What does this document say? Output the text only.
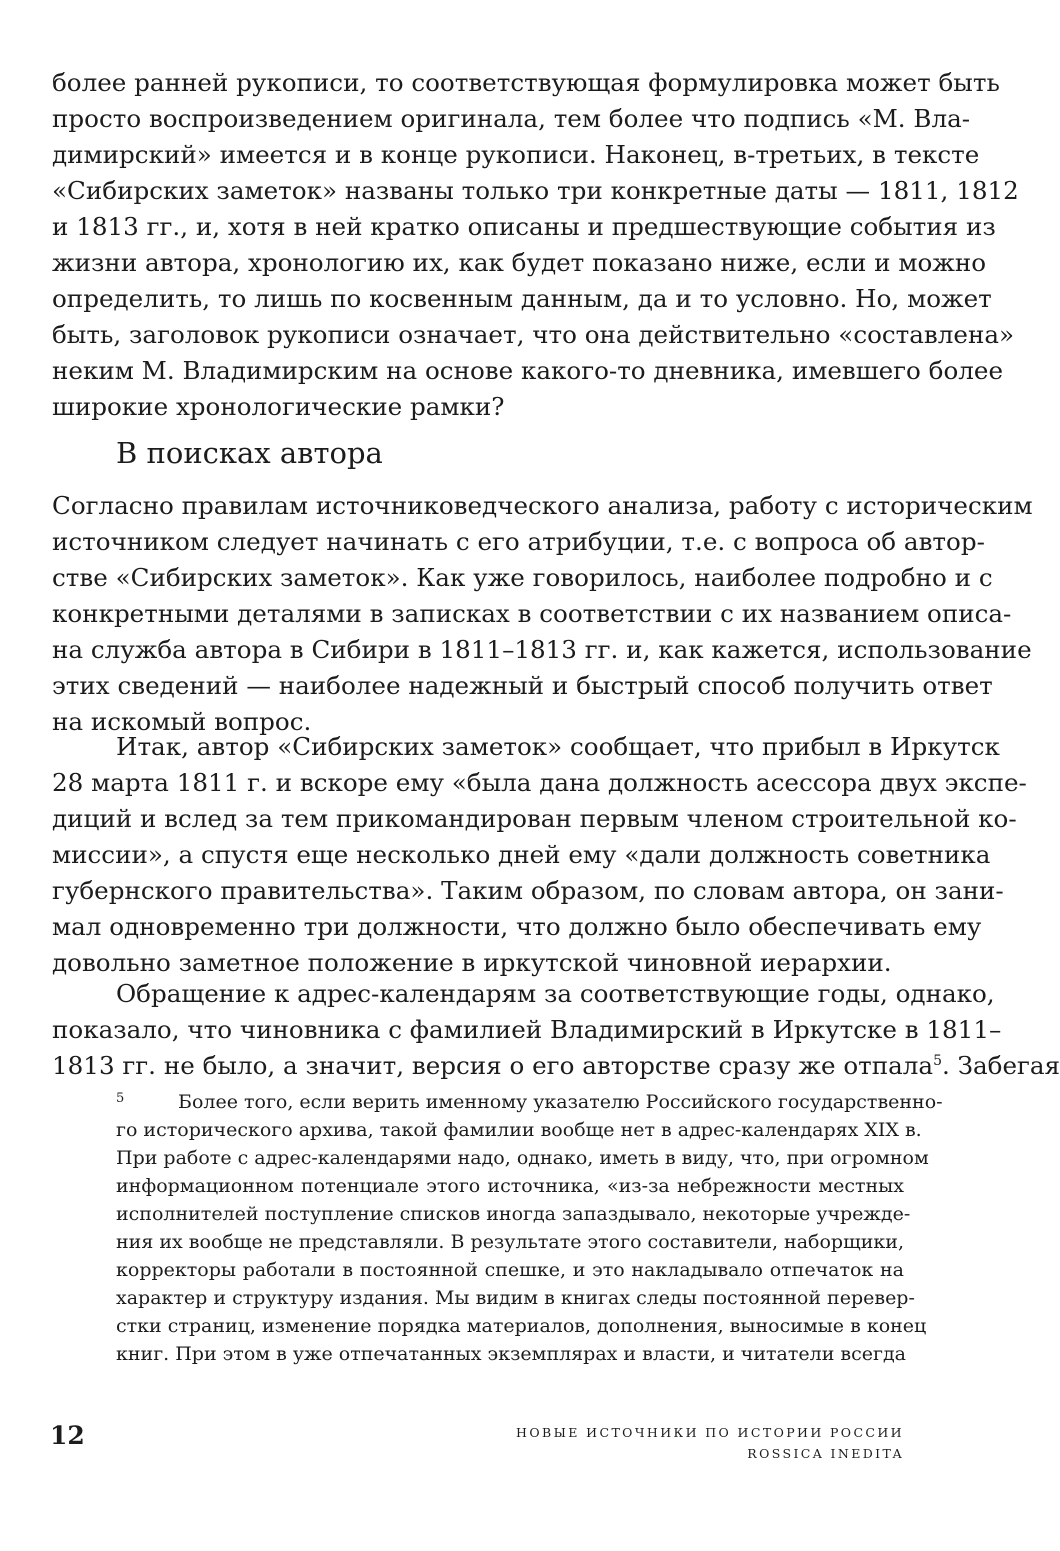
более ранней рукописи, то соответствующая формулировка может быть
просто воспроизведением оригинала, тем более что подпись «М. Вла-
димирский» имеется и в конце рукописи. Наконец, в-третьих, в тексте
«Сибирских заметок» названы только три конкретные даты — 1811, 1812
и 1813 гг., и, хотя в ней кратко описаны и предшествующие события из
жизни автора, хронологию их, как будет показано ниже, если и можно
определить, то лишь по косвенным данным, да и то условно. Но, может
быть, заголовок рукописи означает, что она действительно «составлена»
неким М. Владимирским на основе какого-то дневника, имевшего более
широкие хронологические рамки?
В поисках автора
Согласно правилам источниковедческого анализа, работу с историческим
источником следует начинать с его атрибуции, т.е. с вопроса об автор-
стве «Сибирских заметок». Как уже говорилось, наиболее подробно и с
конкретными деталями в записках в соответствии с их названием описа-
на служба автора в Сибири в 1811–1813 гг. и, как кажется, использование
этих сведений — наиболее надежный и быстрый способ получить ответ
на искомый вопрос.
Итак, автор «Сибирских заметок» сообщает, что прибыл в Иркутск
28 марта 1811 г. и вскоре ему «была дана должность асессора двух экспе-
диций и вслед за тем прикомандирован первым членом строительной ко-
миссии», а спустя еще несколько дней ему «дали должность советника
губернского правительства». Таким образом, по словам автора, он зани-
мал одновременно три должности, что должно было обеспечивать ему
довольно заметное положение в иркутской чиновной иерархии.
Обращение к адрес-календарям за соответствующие годы, однако,
показало, что чиновника с фамилией Владимирский в Иркутске в 1811–
1813 гг. не было, а значит, версия о его авторстве сразу же отпала$^5$. Забегая
5	Более того, если верить именному указателю Российского государственно-
го исторического архива, такой фамилии вообще нет в адрес-календарях XIX в.
При работе с адрес-календарями надо, однако, иметь в виду, что, при огромном
информационном потенциале этого источника, «из-за небрежности местных
исполнителей поступление списков иногда запаздывало, некоторые учрежде-
ния их вообще не представляли. В результате этого составители, наборщики,
корректоры работали в постоянной спешке, и это накладывало отпечаток на
характер и структуру издания. Мы видим в книгах следы постоянной перевер-
стки страниц, изменение порядка материалов, дополнения, выносимые в конец
книг. При этом в уже отпечатанных экземплярах и власти, и читатели всегда
12	НОВЫЕ ИСТОЧНИКИ ПО ИСТОРИИ РОССИИ
ROSSICA INEDITA
